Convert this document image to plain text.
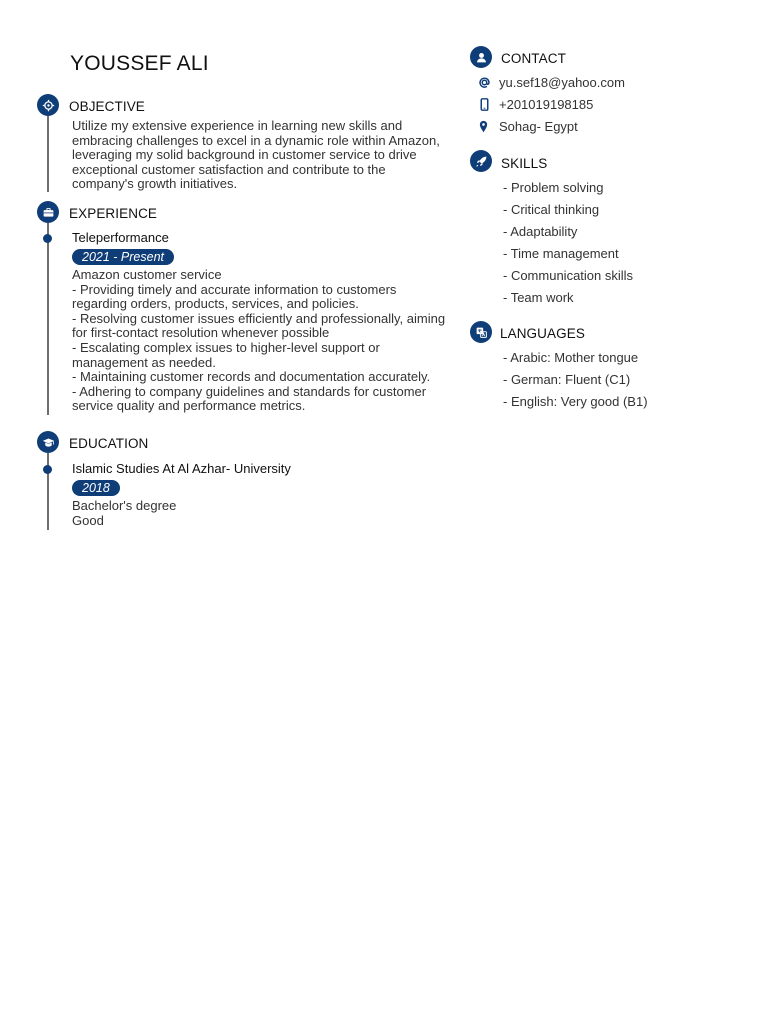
YOUSSEF ALI
OBJECTIVE
Utilize my extensive experience in learning new skills and
embracing challenges to excel in a dynamic role within Amazon,
leveraging my solid background in customer service to drive
exceptional customer satisfaction and contribute to the
company's growth initiatives.
EXPERIENCE
Teleperformance
2021 - Present
Amazon customer service
- Providing timely and accurate information to customers
regarding orders, products, services, and policies.
- Resolving customer issues efficiently and professionally, aiming
for first-contact resolution whenever possible
- Escalating complex issues to higher-level support or
management as needed.
- Maintaining customer records and documentation accurately.
- Adhering to company guidelines and standards for customer
service quality and performance metrics.
EDUCATION
Islamic Studies At Al Azhar- University
2018
Bachelor's degree
Good
CONTACT
yu.sef18@yahoo.com
+201019198185
Sohag- Egypt
SKILLS
- Problem solving
- Critical thinking
- Adaptability
- Time management
- Communication skills
- Team work
LANGUAGES
- Arabic: Mother tongue
- German: Fluent (C1)
- English: Very good (B1)
